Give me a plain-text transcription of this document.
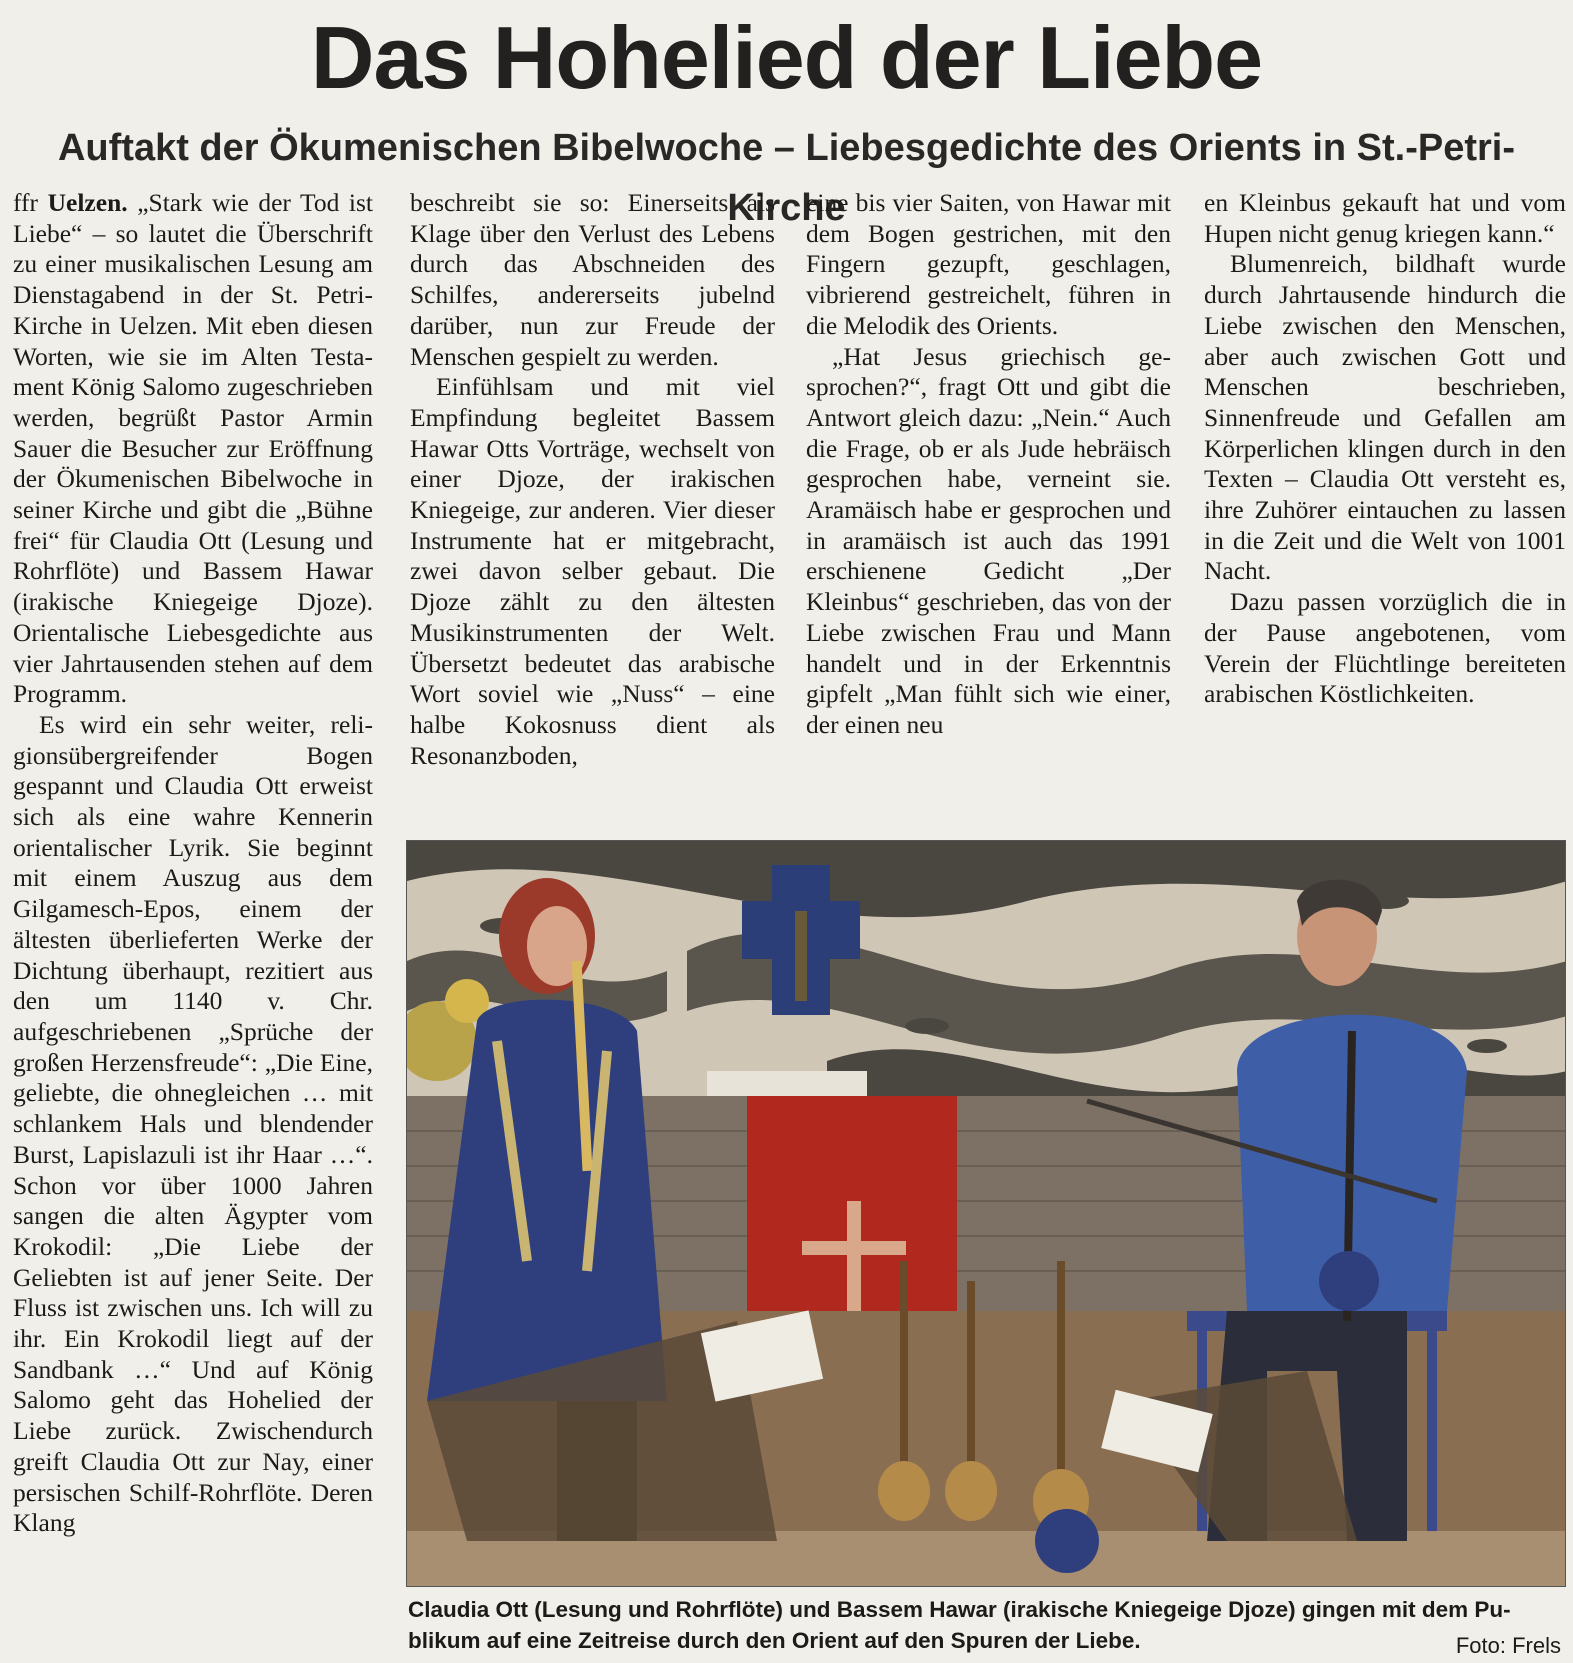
Das Hohelied der Liebe
Auftakt der Ökumenischen Bibelwoche – Liebesgedichte des Orients in St.-Petri-Kirche

ffr Uelzen. „Stark wie der Tod ist Liebe“ – so lautet die Überschrift zu einer musikalischen Lesung am Dienstagabend in der St. Petri-Kirche in Uelzen. Mit eben diesen Worten, wie sie im Alten Testament König Salomo zugeschrieben werden, begrüßt Pastor Armin Sauer die Besucher zur Eröffnung der Ökumenischen Bibelwoche in seiner Kirche und gibt die „Bühne frei“ für Claudia Ott (Lesung und Rohrflöte) und Bassem Hawar (irakische Kniegeige Djoze). Orientalische Liebesgedichte aus vier Jahrtausenden stehen auf dem Programm.

Es wird ein sehr weiter, religionsübergreifender Bogen gespannt und Claudia Ott erweist sich als eine wahre Kennerin orientalischer Lyrik. Sie beginnt mit einem Auszug aus dem Gilgamesch-Epos, einem der ältesten überlieferten Werke der Dichtung überhaupt, rezitiert aus den um 1140 v. Chr. aufgeschriebenen „Sprüche der großen Herzensfreude“: „Die Eine, geliebte, die ohnegleichen … mit schlankem Hals und blendender Burst, Lapislazuli ist ihr Haar …“. Schon vor über 1000 Jahren sangen die alten Ägypter vom Krokodil: „Die Liebe der Geliebten ist auf jener Seite. Der Fluss ist zwischen uns. Ich will zu ihr. Ein Krokodil liegt auf der Sandbank …“ Und auf König Salomo geht das Hohelied der Liebe zurück. Zwischendurch greift Claudia Ott zur Nay, einer persischen Schilf-Rohrflöte. Deren Klang

beschreibt sie so: Einerseits als Klage über den Verlust des Lebens durch das Abschneiden des Schilfes, andererseits jubelnd darüber, nun zur Freude der Menschen gespielt zu werden.

Einfühlsam und mit viel Empfindung begleitet Bassem Hawar Otts Vorträge, wechselt von einer Djoze, der irakischen Kniegeige, zur anderen. Vier dieser Instrumente hat er mitgebracht, zwei davon selber gebaut. Die Djoze zählt zu den ältesten Musikinstrumenten der Welt. Übersetzt bedeutet das arabische Wort soviel wie „Nuss“ – eine halbe Kokosnuss dient als Resonanzboden,

eine bis vier Saiten, von Hawar mit dem Bogen gestrichen, mit den Fingern gezupft, geschlagen, vibrierend gestreichelt, führen in die Melodik des Orients.

„Hat Jesus griechisch gesprochen?“, fragt Ott und gibt die Antwort gleich dazu: „Nein.“ Auch die Frage, ob er als Jude hebräisch gesprochen habe, verneint sie. Aramäisch habe er gesprochen und in aramäisch ist auch das 1991 erschienene Gedicht „Der Kleinbus“ geschrieben, das von der Liebe zwischen Frau und Mann handelt und in der Erkenntnis gipfelt „Man fühlt sich wie einer, der einen neu

en Kleinbus gekauft hat und vom Hupen nicht genug kriegen kann.“

Blumenreich, bildhaft wurde durch Jahrtausende hindurch die Liebe zwischen den Menschen, aber auch zwischen Gott und Menschen beschrieben, Sinnenfreude und Gefallen am Körperlichen klingen durch in den Texten – Claudia Ott versteht es, ihre Zuhörer eintauchen zu lassen in die Zeit und die Welt von 1001 Nacht.

Dazu passen vorzüglich die in der Pause angebotenen, vom Verein der Flüchtlinge bereiteten arabischen Köstlichkeiten.

Claudia Ott (Lesung und Rohrflöte) und Bassem Hawar (irakische Kniegeige Djoze) gingen mit dem Publikum auf eine Zeitreise durch den Orient auf den Spuren der Liebe.	Foto: Frels
